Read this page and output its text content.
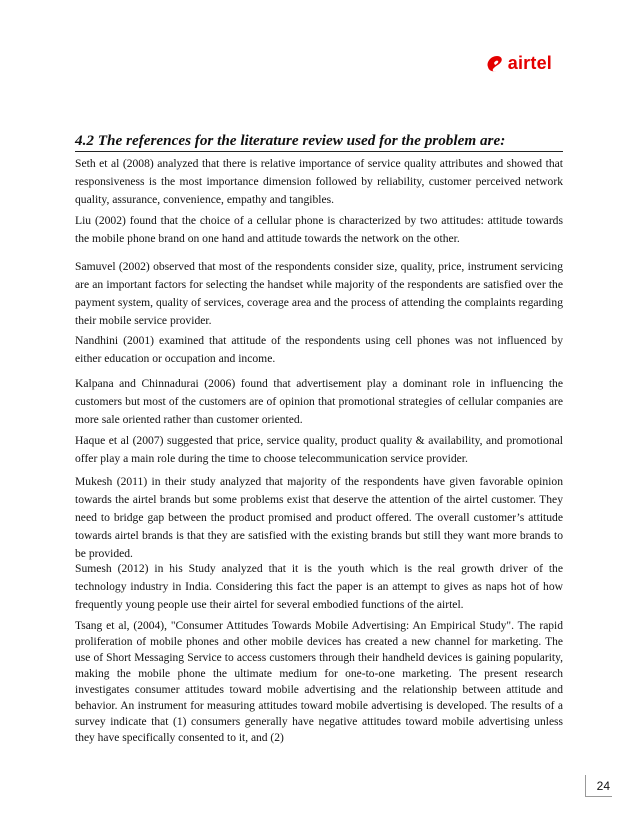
airtel
4.2 The references for the literature review used for the problem are:

Seth et al (2008) analyzed that there is relative importance of service quality attributes and showed that responsiveness is the most importance dimension followed by reliability, customer perceived network quality, assurance, convenience, empathy and tangibles.

Liu (2002) found that the choice of a cellular phone is characterized by two attitudes: attitude towards the mobile phone brand on one hand and attitude towards the network on the other.

Samuvel (2002) observed that most of the respondents consider size, quality, price, instrument servicing are an important factors for selecting the handset while majority of the respondents are satisfied over the payment system, quality of services, coverage area and the process of attending the complaints regarding their mobile service provider.

Nandhini (2001) examined that attitude of the respondents using cell phones was not influenced by either education or occupation and income.

Kalpana and Chinnadurai (2006) found that advertisement play a dominant role in influencing the customers but most of the customers are of opinion that promotional strategies of cellular companies are more sale oriented rather than customer oriented.

Haque et al (2007) suggested that price, service quality, product quality & availability, and promotional offer play a main role during the time to choose telecommunication service provider.

Mukesh (2011) in their study analyzed that majority of the respondents have given favorable opinion towards the airtel brands but some problems exist that deserve the attention of the airtel customer. They need to bridge gap between the product promised and product offered. The overall customer’s attitude towards airtel brands is that they are satisfied with the existing brands but still they want more brands to be provided.

Sumesh (2012) in his Study analyzed that it is the youth which is the real growth driver of the technology industry in India. Considering this fact the paper is an attempt to gives as naps hot of how frequently young people use their airtel for several embodied functions of the airtel.

Tsang et al, (2004), "Consumer Attitudes Towards Mobile Advertising: An Empirical Study". The rapid proliferation of mobile phones and other mobile devices has created a new channel for marketing. The use of Short Messaging Service to access customers through their handheld devices is gaining popularity, making the mobile phone the ultimate medium for one-to-one marketing. The present research investigates consumer attitudes toward mobile advertising and the relationship between attitude and behavior. An instrument for measuring attitudes toward mobile advertising is developed. The results of a survey indicate that (1) consumers generally have negative attitudes toward mobile advertising unless they have specifically consented to it, and (2)

24
